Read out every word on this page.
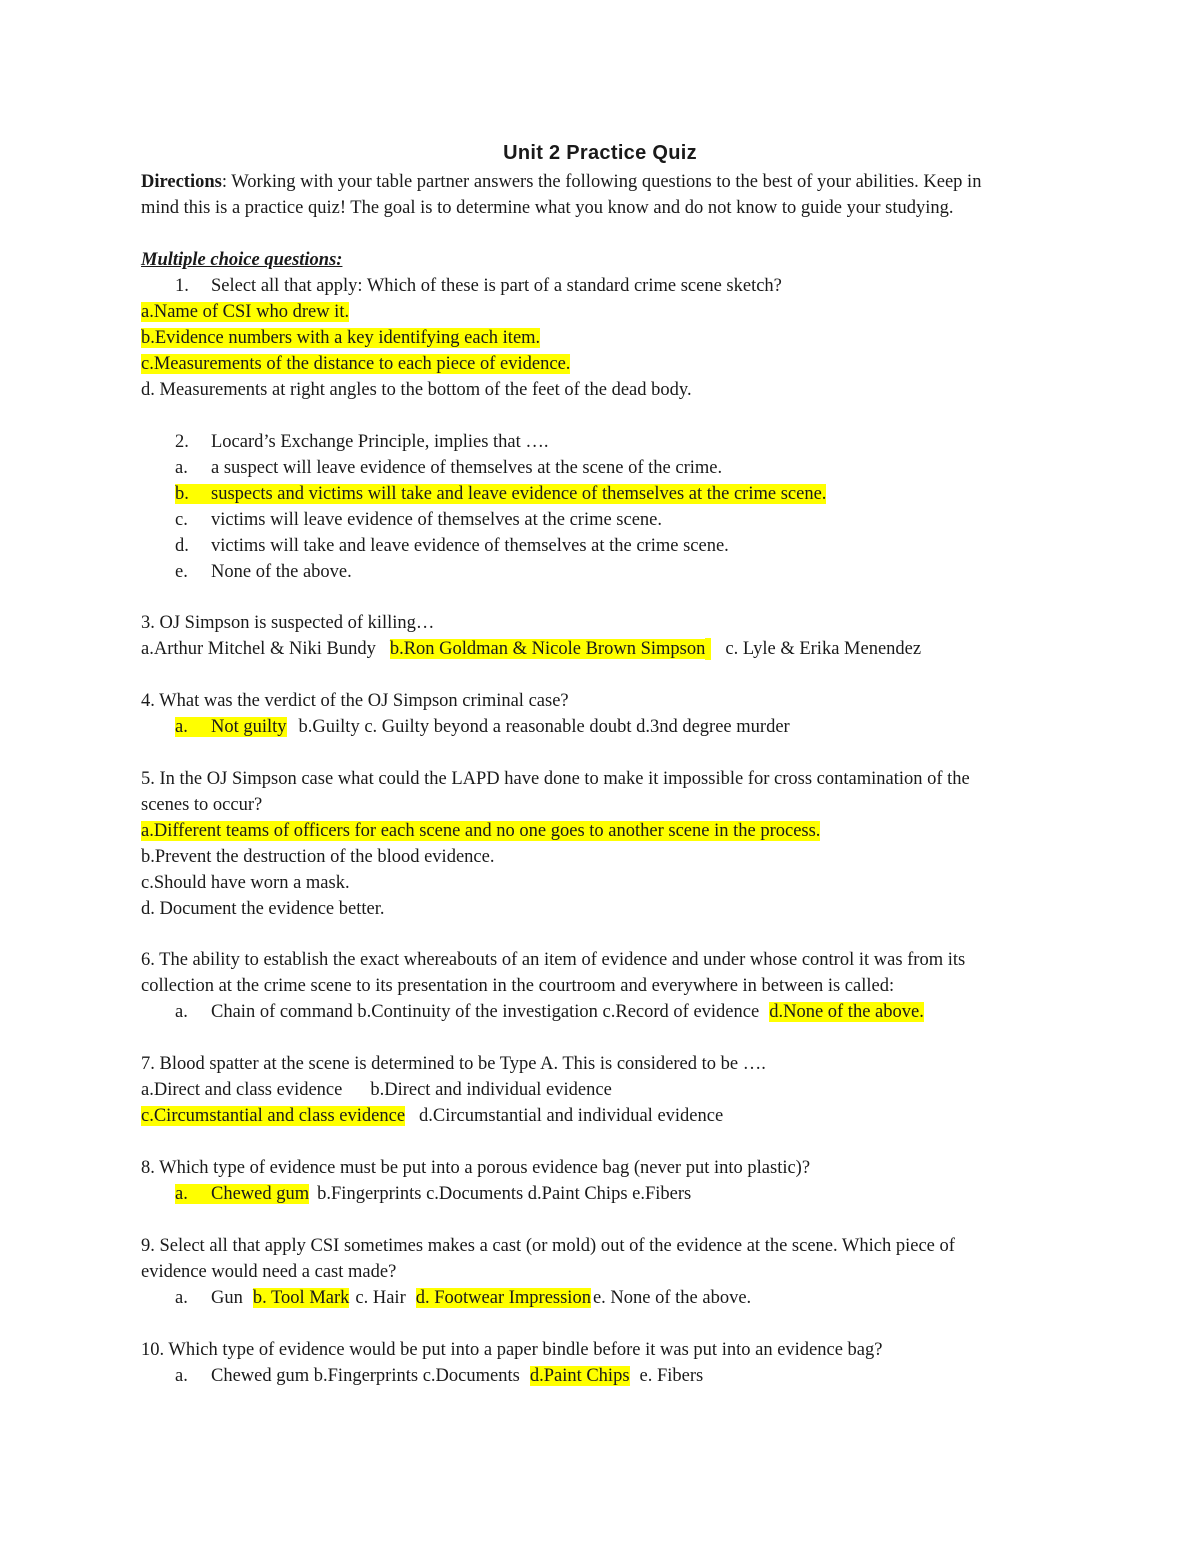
Unit 2 Practice Quiz
Directions: Working with your table partner answers the following questions to the best of your abilities. Keep in
mind this is a practice quiz! The goal is to determine what you know and do not know to guide your studying.
Multiple choice questions:
1. Select all that apply: Which of these is part of a standard crime scene sketch?
a.Name of CSI who drew it.
b.Evidence numbers with a key identifying each item.
c.Measurements of the distance to each piece of evidence.
d. Measurements at right angles to the bottom of the feet of the dead body.
2. Locard’s Exchange Principle, implies that ….
a. a suspect will leave evidence of themselves at the scene of the crime.
b. suspects and victims will take and leave evidence of themselves at the crime scene.
c. victims will leave evidence of themselves at the crime scene.
d. victims will take and leave evidence of themselves at the crime scene.
e. None of the above.
3. OJ Simpson is suspected of killing…
a.Arthur Mitchel & Niki Bundy b.Ron Goldman & Nicole Brown Simpson c. Lyle & Erika Menendez
4. What was the verdict of the OJ Simpson criminal case?
a. Not guilty b.Guilty c. Guilty beyond a reasonable doubt d.3nd degree murder
5. In the OJ Simpson case what could the LAPD have done to make it impossible for cross contamination of the
scenes to occur?
a.Different teams of officers for each scene and no one goes to another scene in the process.
b.Prevent the destruction of the blood evidence.
c.Should have worn a mask.
d. Document the evidence better.
6. The ability to establish the exact whereabouts of an item of evidence and under whose control it was from its
collection at the crime scene to its presentation in the courtroom and everywhere in between is called:
a. Chain of command b.Continuity of the investigation c.Record of evidence d.None of the above.
7. Blood spatter at the scene is determined to be Type A. This is considered to be ….
a.Direct and class evidence b.Direct and individual evidence
c.Circumstantial and class evidence d.Circumstantial and individual evidence
8. Which type of evidence must be put into a porous evidence bag (never put into plastic)?
a. Chewed gum b.Fingerprints c.Documents d.Paint Chips e.Fibers
9. Select all that apply CSI sometimes makes a cast (or mold) out of the evidence at the scene. Which piece of
evidence would need a cast made?
a. Gun b. Tool Mark c. Hair d. Footwear Impression e. None of the above.
10. Which type of evidence would be put into a paper bindle before it was put into an evidence bag?
a. Chewed gum b.Fingerprints c.Documents d.Paint Chips e. Fibers
